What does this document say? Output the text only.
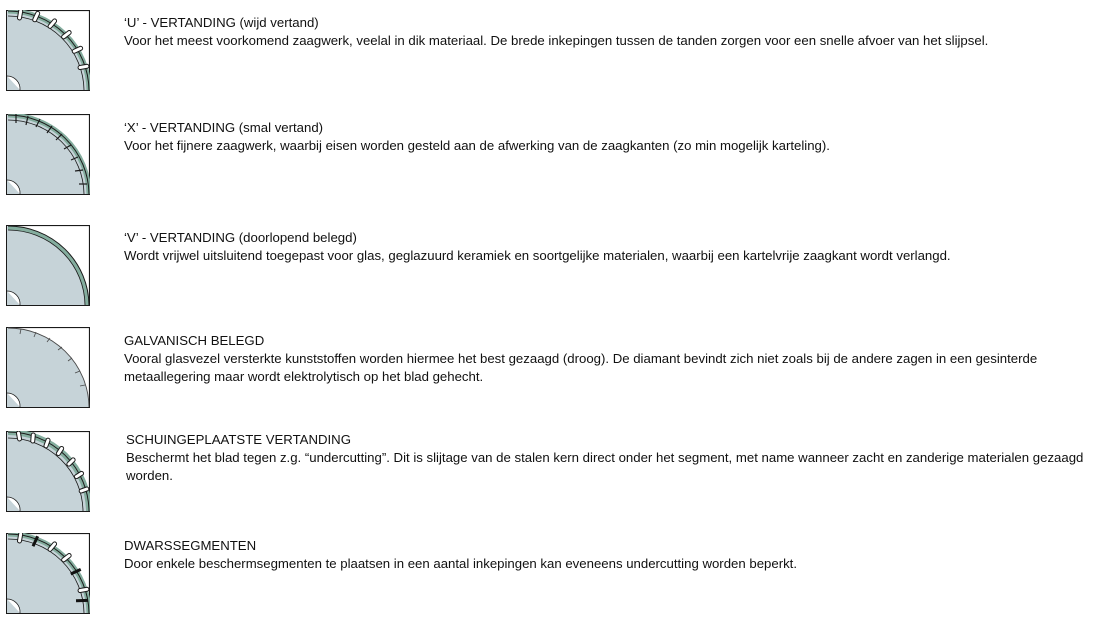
‘U’ - VERTANDING (wijd vertand)
Voor het meest voorkomend zaagwerk, veelal in dik materiaal. De brede inkepingen tussen de tanden zorgen voor een snelle afvoer van het slijpsel.
‘X’ - VERTANDING (smal vertand)
Voor het fijnere zaagwerk, waarbij eisen worden gesteld aan de afwerking van de zaagkanten (zo min mogelijk karteling).
‘V’ - VERTANDING (doorlopend belegd)
Wordt vrijwel uitsluitend toegepast voor glas, geglazuurd keramiek en soortgelijke materialen, waarbij een kartelvrije zaagkant wordt verlangd.
GALVANISCH BELEGD
Vooral glasvezel versterkte kunststoffen worden hiermee het best gezaagd (droog). De diamant bevindt zich niet zoals bij de andere zagen in een gesinterde metaallegering maar wordt elektrolytisch op het blad gehecht.
SCHUINGEPLAATSTE VERTANDING
Beschermt het blad tegen z.g. “undercutting”. Dit is slijtage van de stalen kern direct onder het segment, met name wanneer zacht en zanderige materialen gezaagd worden.
DWARSSEGMENTEN
Door enkele beschermsegmenten te plaatsen in een aantal inkepingen kan eveneens undercutting worden beperkt.
